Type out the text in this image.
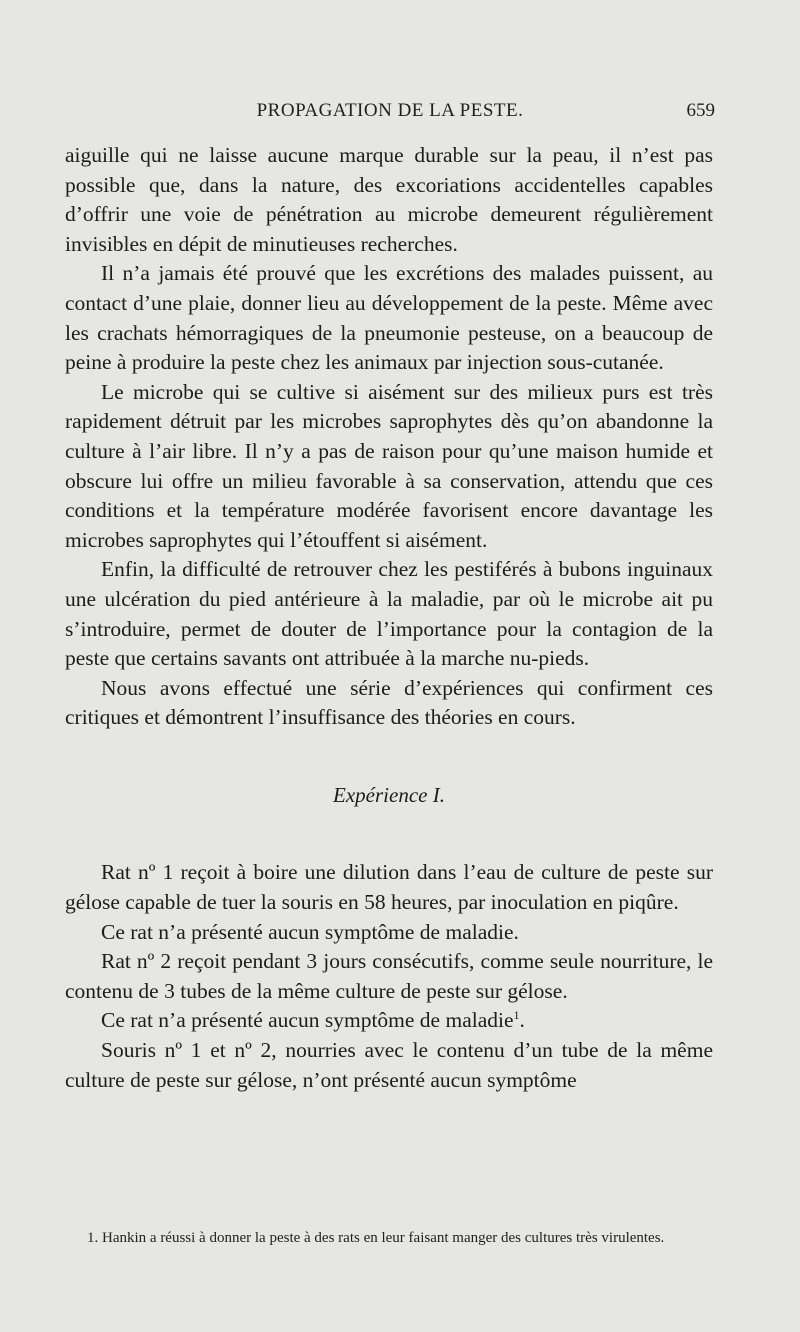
PROPAGATION DE LA PESTE.	659

aiguille qui ne laisse aucune marque durable sur la peau, il n’est pas possible que, dans la nature, des excoriations accidentelles capables d’offrir une voie de pénétration au microbe demeurent régulièrement invisibles en dépit de minutieuses recherches.

Il n’a jamais été prouvé que les excrétions des malades puissent, au contact d’une plaie, donner lieu au développement de la peste. Même avec les crachats hémorragiques de la pneumonie pesteuse, on a beaucoup de peine à produire la peste chez les animaux par injection sous-cutanée.

Le microbe qui se cultive si aisément sur des milieux purs est très rapidement détruit par les microbes saprophytes dès qu’on abandonne la culture à l’air libre. Il n’y a pas de raison pour qu’une maison humide et obscure lui offre un milieu favorable à sa conservation, attendu que ces conditions et la température modérée favorisent encore davantage les microbes saprophytes qui l’étouffent si aisément.

Enfin, la difficulté de retrouver chez les pestiférés à bubons inguinaux une ulcération du pied antérieure à la maladie, par où le microbe ait pu s’introduire, permet de douter de l’importance pour la contagion de la peste que certains savants ont attribuée à la marche nu-pieds.

Nous avons effectué une série d’expériences qui confirment ces critiques et démontrent l’insuffisance des théories en cours.

Expérience I.

Rat nº 1 reçoit à boire une dilution dans l’eau de culture de peste sur gélose capable de tuer la souris en 58 heures, par inoculation en piqûre.

Ce rat n’a présenté aucun symptôme de maladie.

Rat nº 2 reçoit pendant 3 jours consécutifs, comme seule nourriture, le contenu de 3 tubes de la même culture de peste sur gélose.

Ce rat n’a présenté aucun symptôme de maladie$^1$.

Souris nº 1 et nº 2, nourries avec le contenu d’un tube de la même culture de peste sur gélose, n’ont présenté aucun symptôme

1. Hankin a réussi à donner la peste à des rats en leur faisant manger des cultures très virulentes.
